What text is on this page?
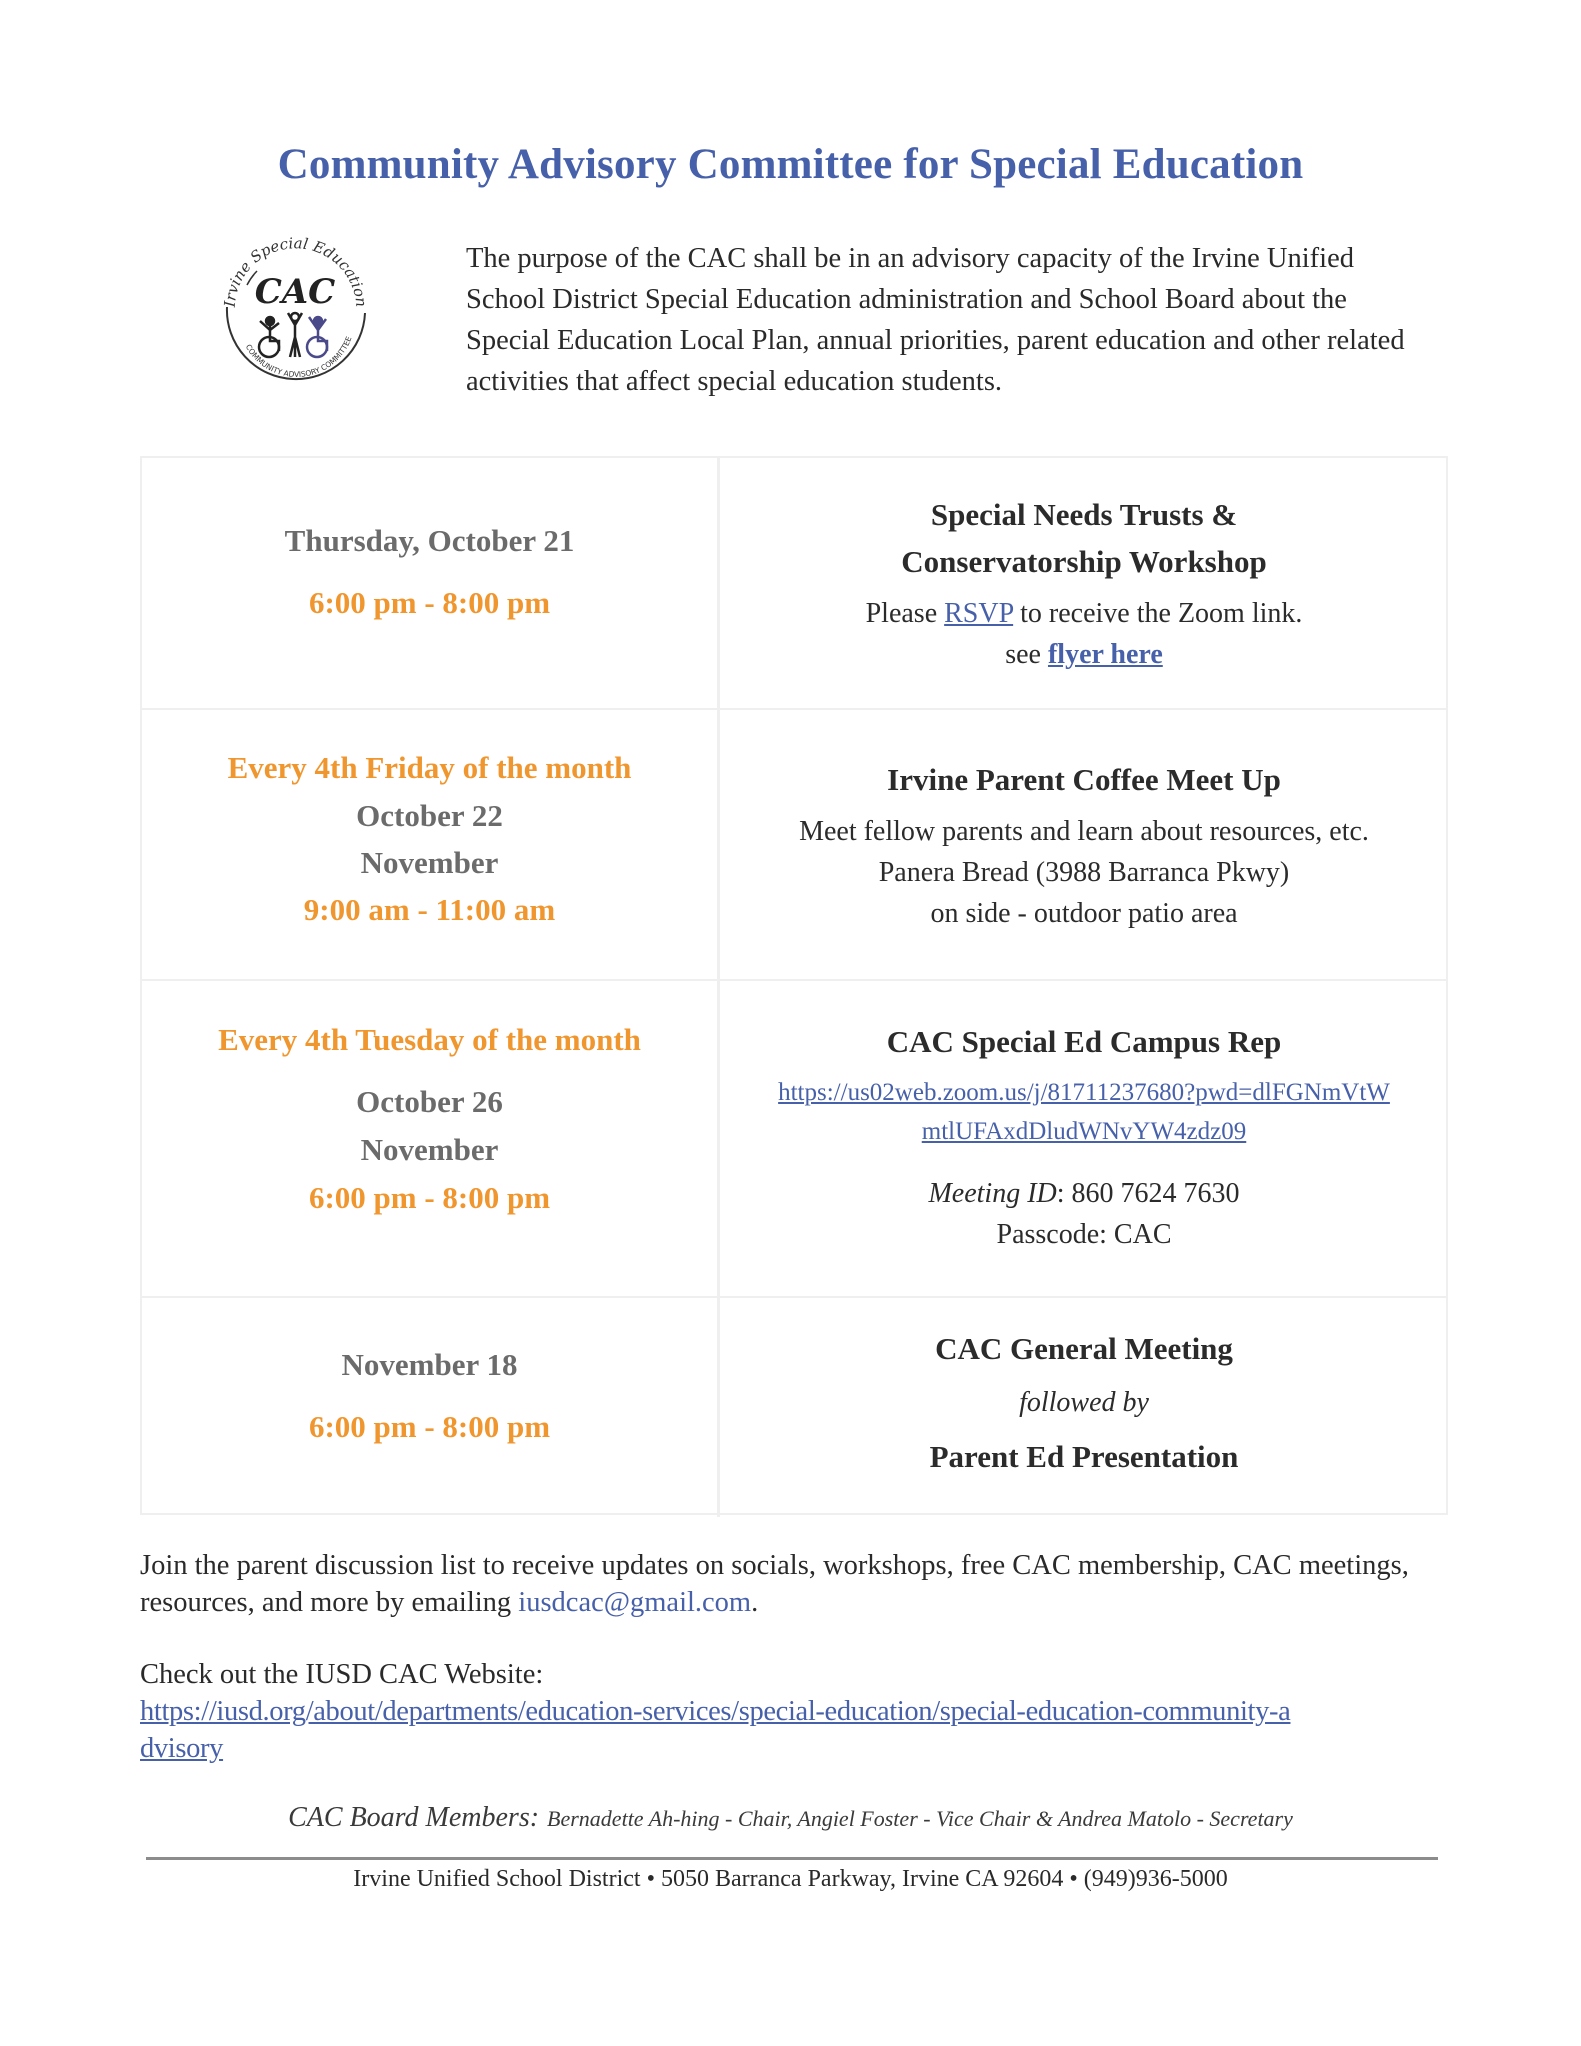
Community Advisory Committee for Special Education
Irvine Special Education
CAC
COMMUNITY ADVISORY COMMITTEE
The purpose of the CAC shall be in an advisory capacity of the Irvine Unified School District Special Education administration and School Board about the Special Education Local Plan, annual priorities, parent education and other related activities that affect special education students.
Thursday, October 21
6:00 pm - 8:00 pm
Special Needs Trusts &
Conservatorship Workshop
Please RSVP to receive the Zoom link.
see flyer here
Every 4th Friday of the month
October 22
November
9:00 am - 11:00 am
Irvine Parent Coffee Meet Up
Meet fellow parents and learn about resources, etc.
Panera Bread (3988 Barranca Pkwy)
on side - outdoor patio area
Every 4th Tuesday of the month
October 26
November
6:00 pm - 8:00 pm
CAC Special Ed Campus Rep
https://us02web.zoom.us/j/81711237680?pwd=dlFGNmVtW
mtlUFAxdDludWNvYW4zdz09
Meeting ID: 860 7624 7630
Passcode: CAC
November 18
6:00 pm - 8:00 pm
CAC General Meeting
followed by
Parent Ed Presentation
Join the parent discussion list to receive updates on socials, workshops, free CAC membership, CAC meetings, resources, and more by emailing iusdcac@gmail.com.
Check out the IUSD CAC Website:
https://iusd.org/about/departments/education-services/special-education/special-education-community-a
dvisory
CAC Board Members: Bernadette Ah-hing - Chair, Angiel Foster - Vice Chair & Andrea Matolo - Secretary
Irvine Unified School District • 5050 Barranca Parkway, Irvine CA 92604 • (949)936-5000
